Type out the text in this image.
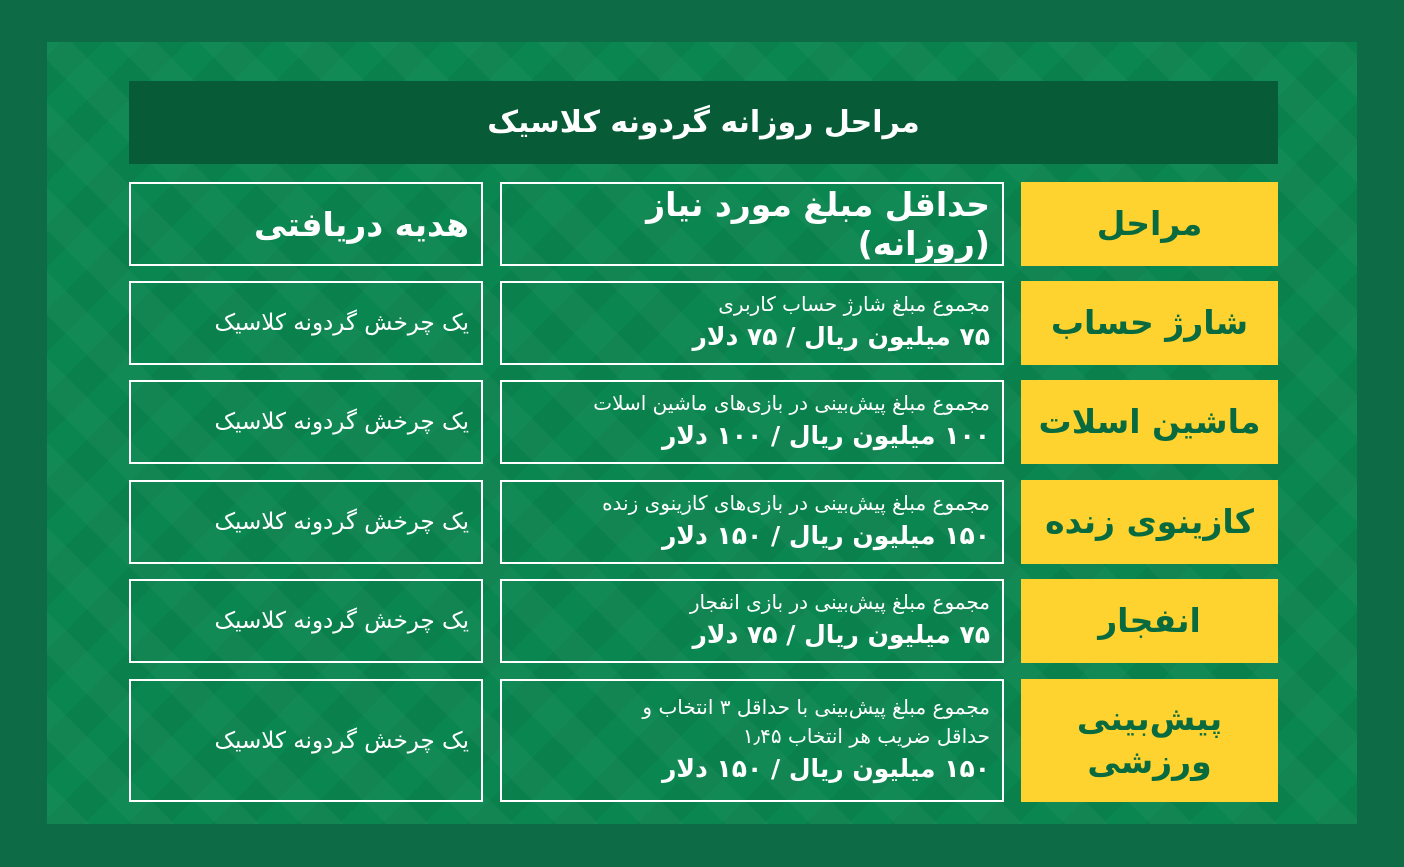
مراحل روزانه گردونه کلاسیک
مراحل
حداقل مبلغ مورد نیاز (روزانه)
هدیه دریافتی
شارژ حساب
مجموع مبلغ شارژ حساب کاربری
۷۵ میلیون ریال / ۷۵ دلار
یک چرخش گردونه کلاسیک
ماشین اسلات
مجموع مبلغ پیش‌بینی در بازی‌های ماشین اسلات
۱۰۰ میلیون ریال / ۱۰۰ دلار
یک چرخش گردونه کلاسیک
کازینوی زنده
مجموع مبلغ پیش‌بینی در بازی‌های کازینوی زنده
۱۵۰ میلیون ریال / ۱۵۰ دلار
یک چرخش گردونه کلاسیک
انفجار
مجموع مبلغ پیش‌بینی در بازی انفجار
۷۵ میلیون ریال / ۷۵ دلار
یک چرخش گردونه کلاسیک
پیش‌بینی ورزشی
مجموع مبلغ پیش‌بینی با حداقل ۳ انتخاب و
حداقل ضریب هر انتخاب ۱٫۴۵
۱۵۰ میلیون ریال / ۱۵۰ دلار
یک چرخش گردونه کلاسیک
